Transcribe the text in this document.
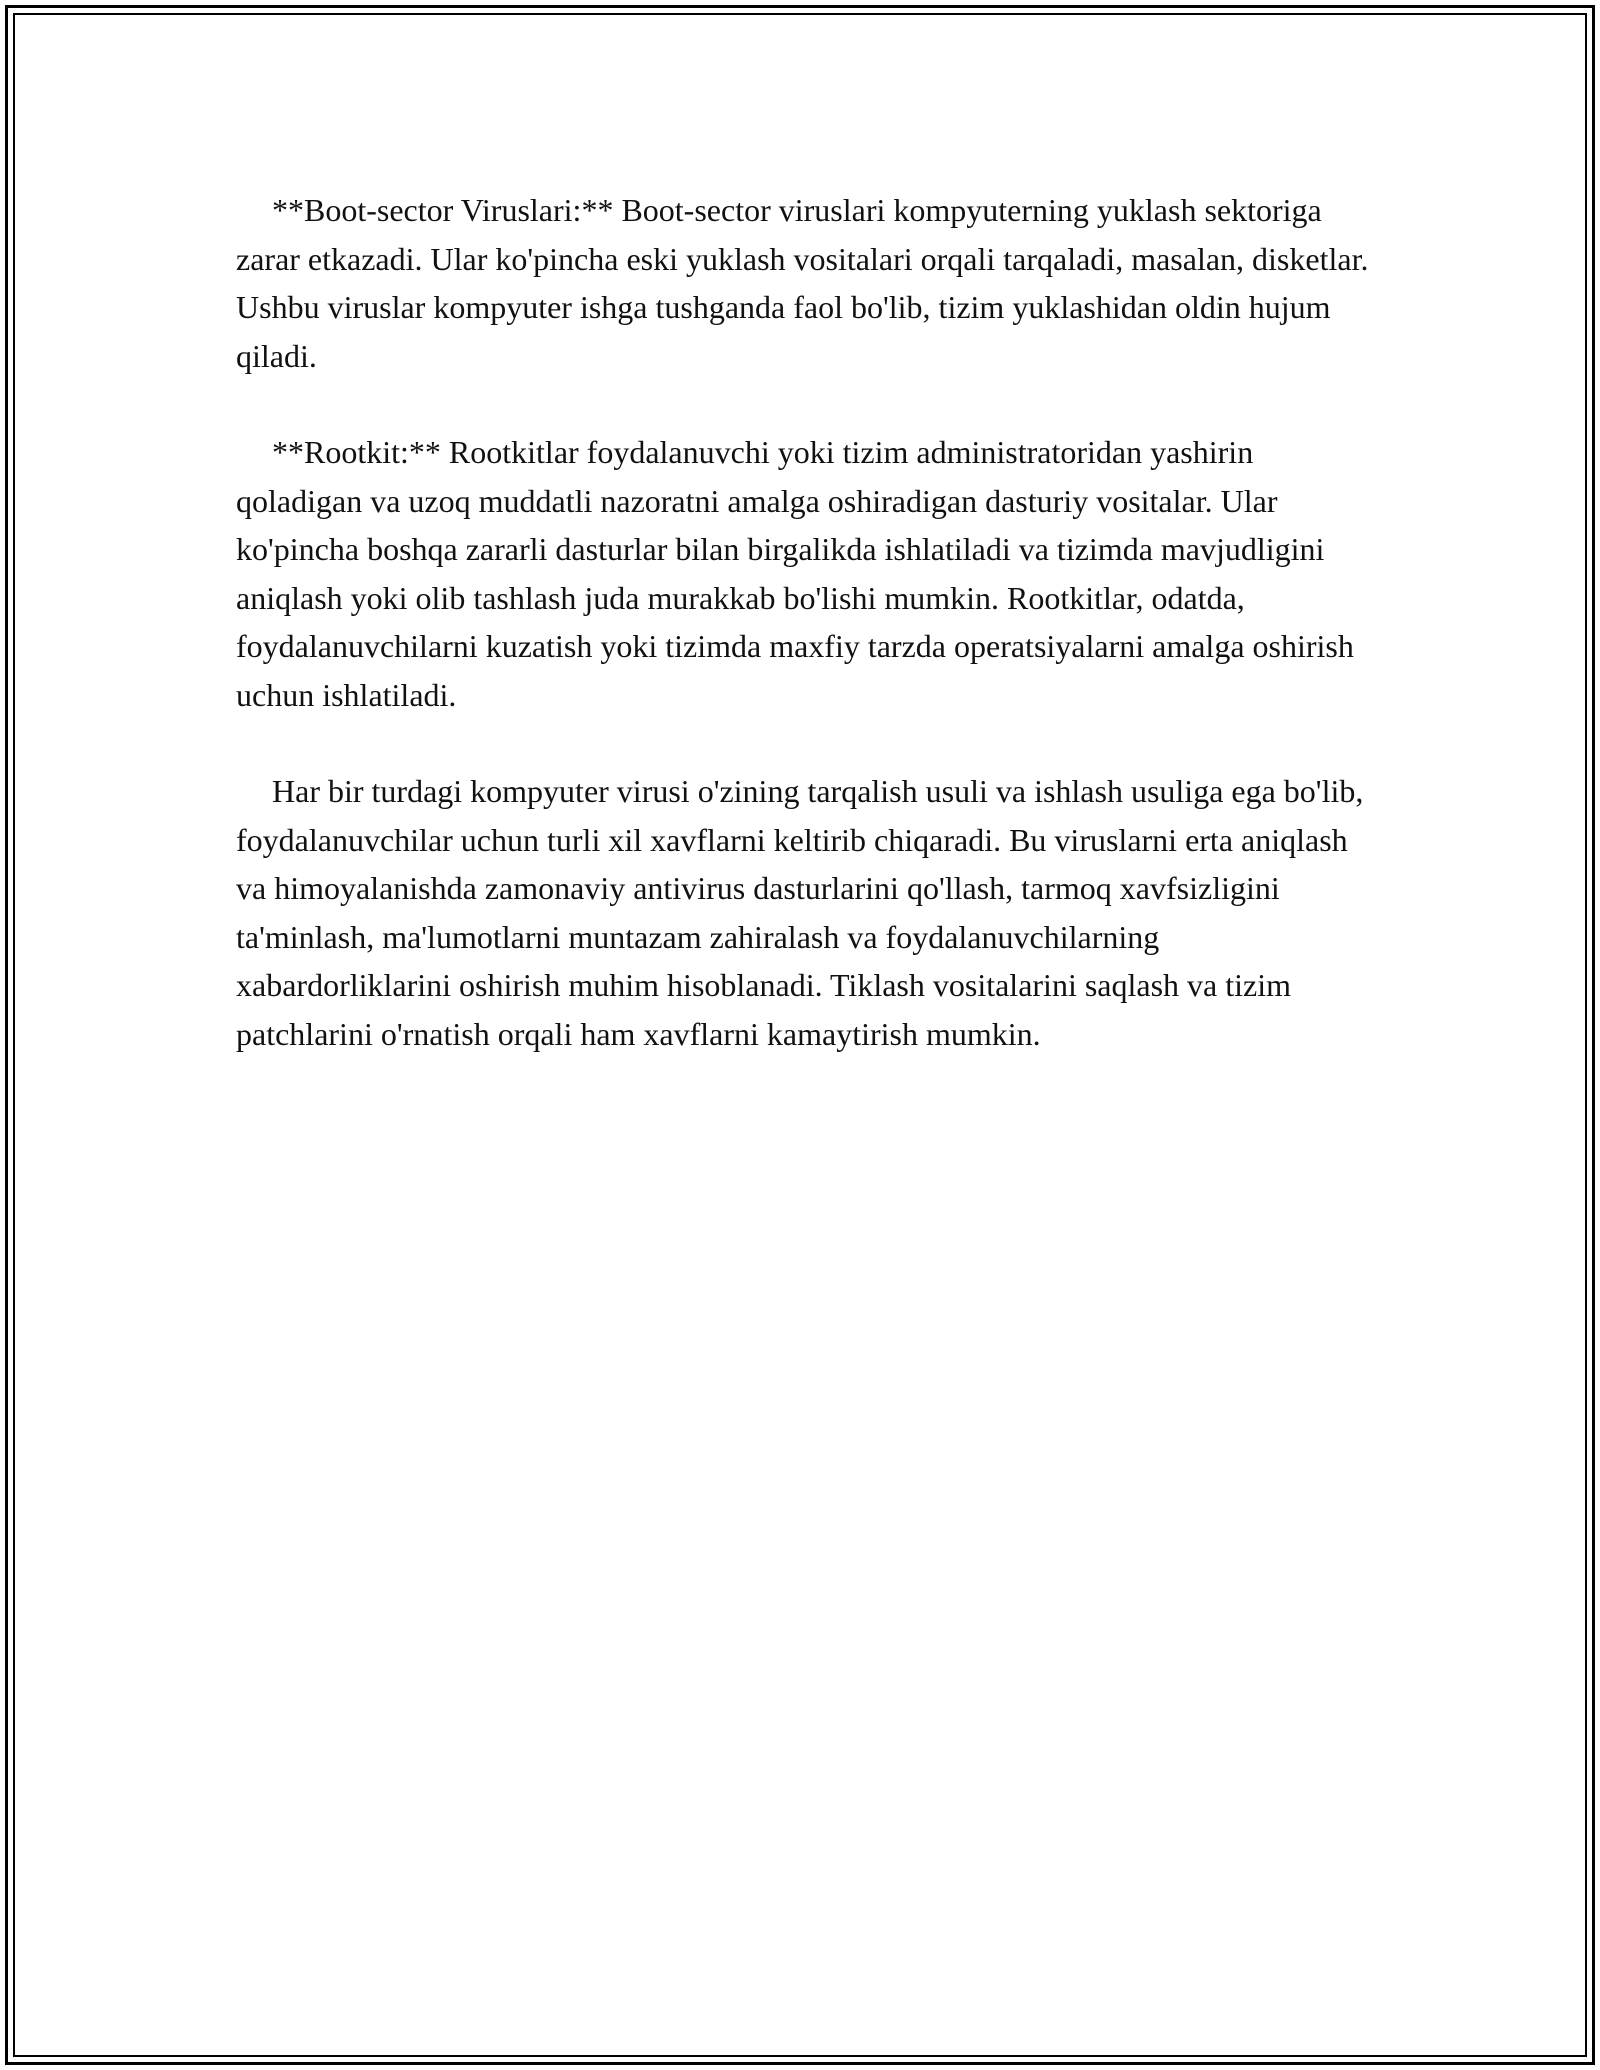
**Boot-sector Viruslari:** Boot-sector viruslari kompyuterning yuklash sektoriga zarar etkazadi. Ular ko'pincha eski yuklash vositalari orqali tarqaladi, masalan, disketlar. Ushbu viruslar kompyuter ishga tushganda faol bo'lib, tizim yuklashidan oldin hujum qiladi.

**Rootkit:** Rootkitlar foydalanuvchi yoki tizim administratoridan yashirin qoladigan va uzoq muddatli nazoratni amalga oshiradigan dasturiy vositalar. Ular ko'pincha boshqa zararli dasturlar bilan birgalikda ishlatiladi va tizimda mavjudligini aniqlash yoki olib tashlash juda murakkab bo'lishi mumkin. Rootkitlar, odatda, foydalanuvchilarni kuzatish yoki tizimda maxfiy tarzda operatsiyalarni amalga oshirish uchun ishlatiladi.

Har bir turdagi kompyuter virusi o'zining tarqalish usuli va ishlash usuliga ega bo'lib, foydalanuvchilar uchun turli xil xavflarni keltirib chiqaradi. Bu viruslarni erta aniqlash va himoyalanishda zamonaviy antivirus dasturlarini qo'llash, tarmoq xavfsizligini ta'minlash, ma'lumotlarni muntazam zahiralash va foydalanuvchilarning xabardorliklarini oshirish muhim hisoblanadi. Tiklash vositalarini saqlash va tizim patchlarini o'rnatish orqali ham xavflarni kamaytirish mumkin.
